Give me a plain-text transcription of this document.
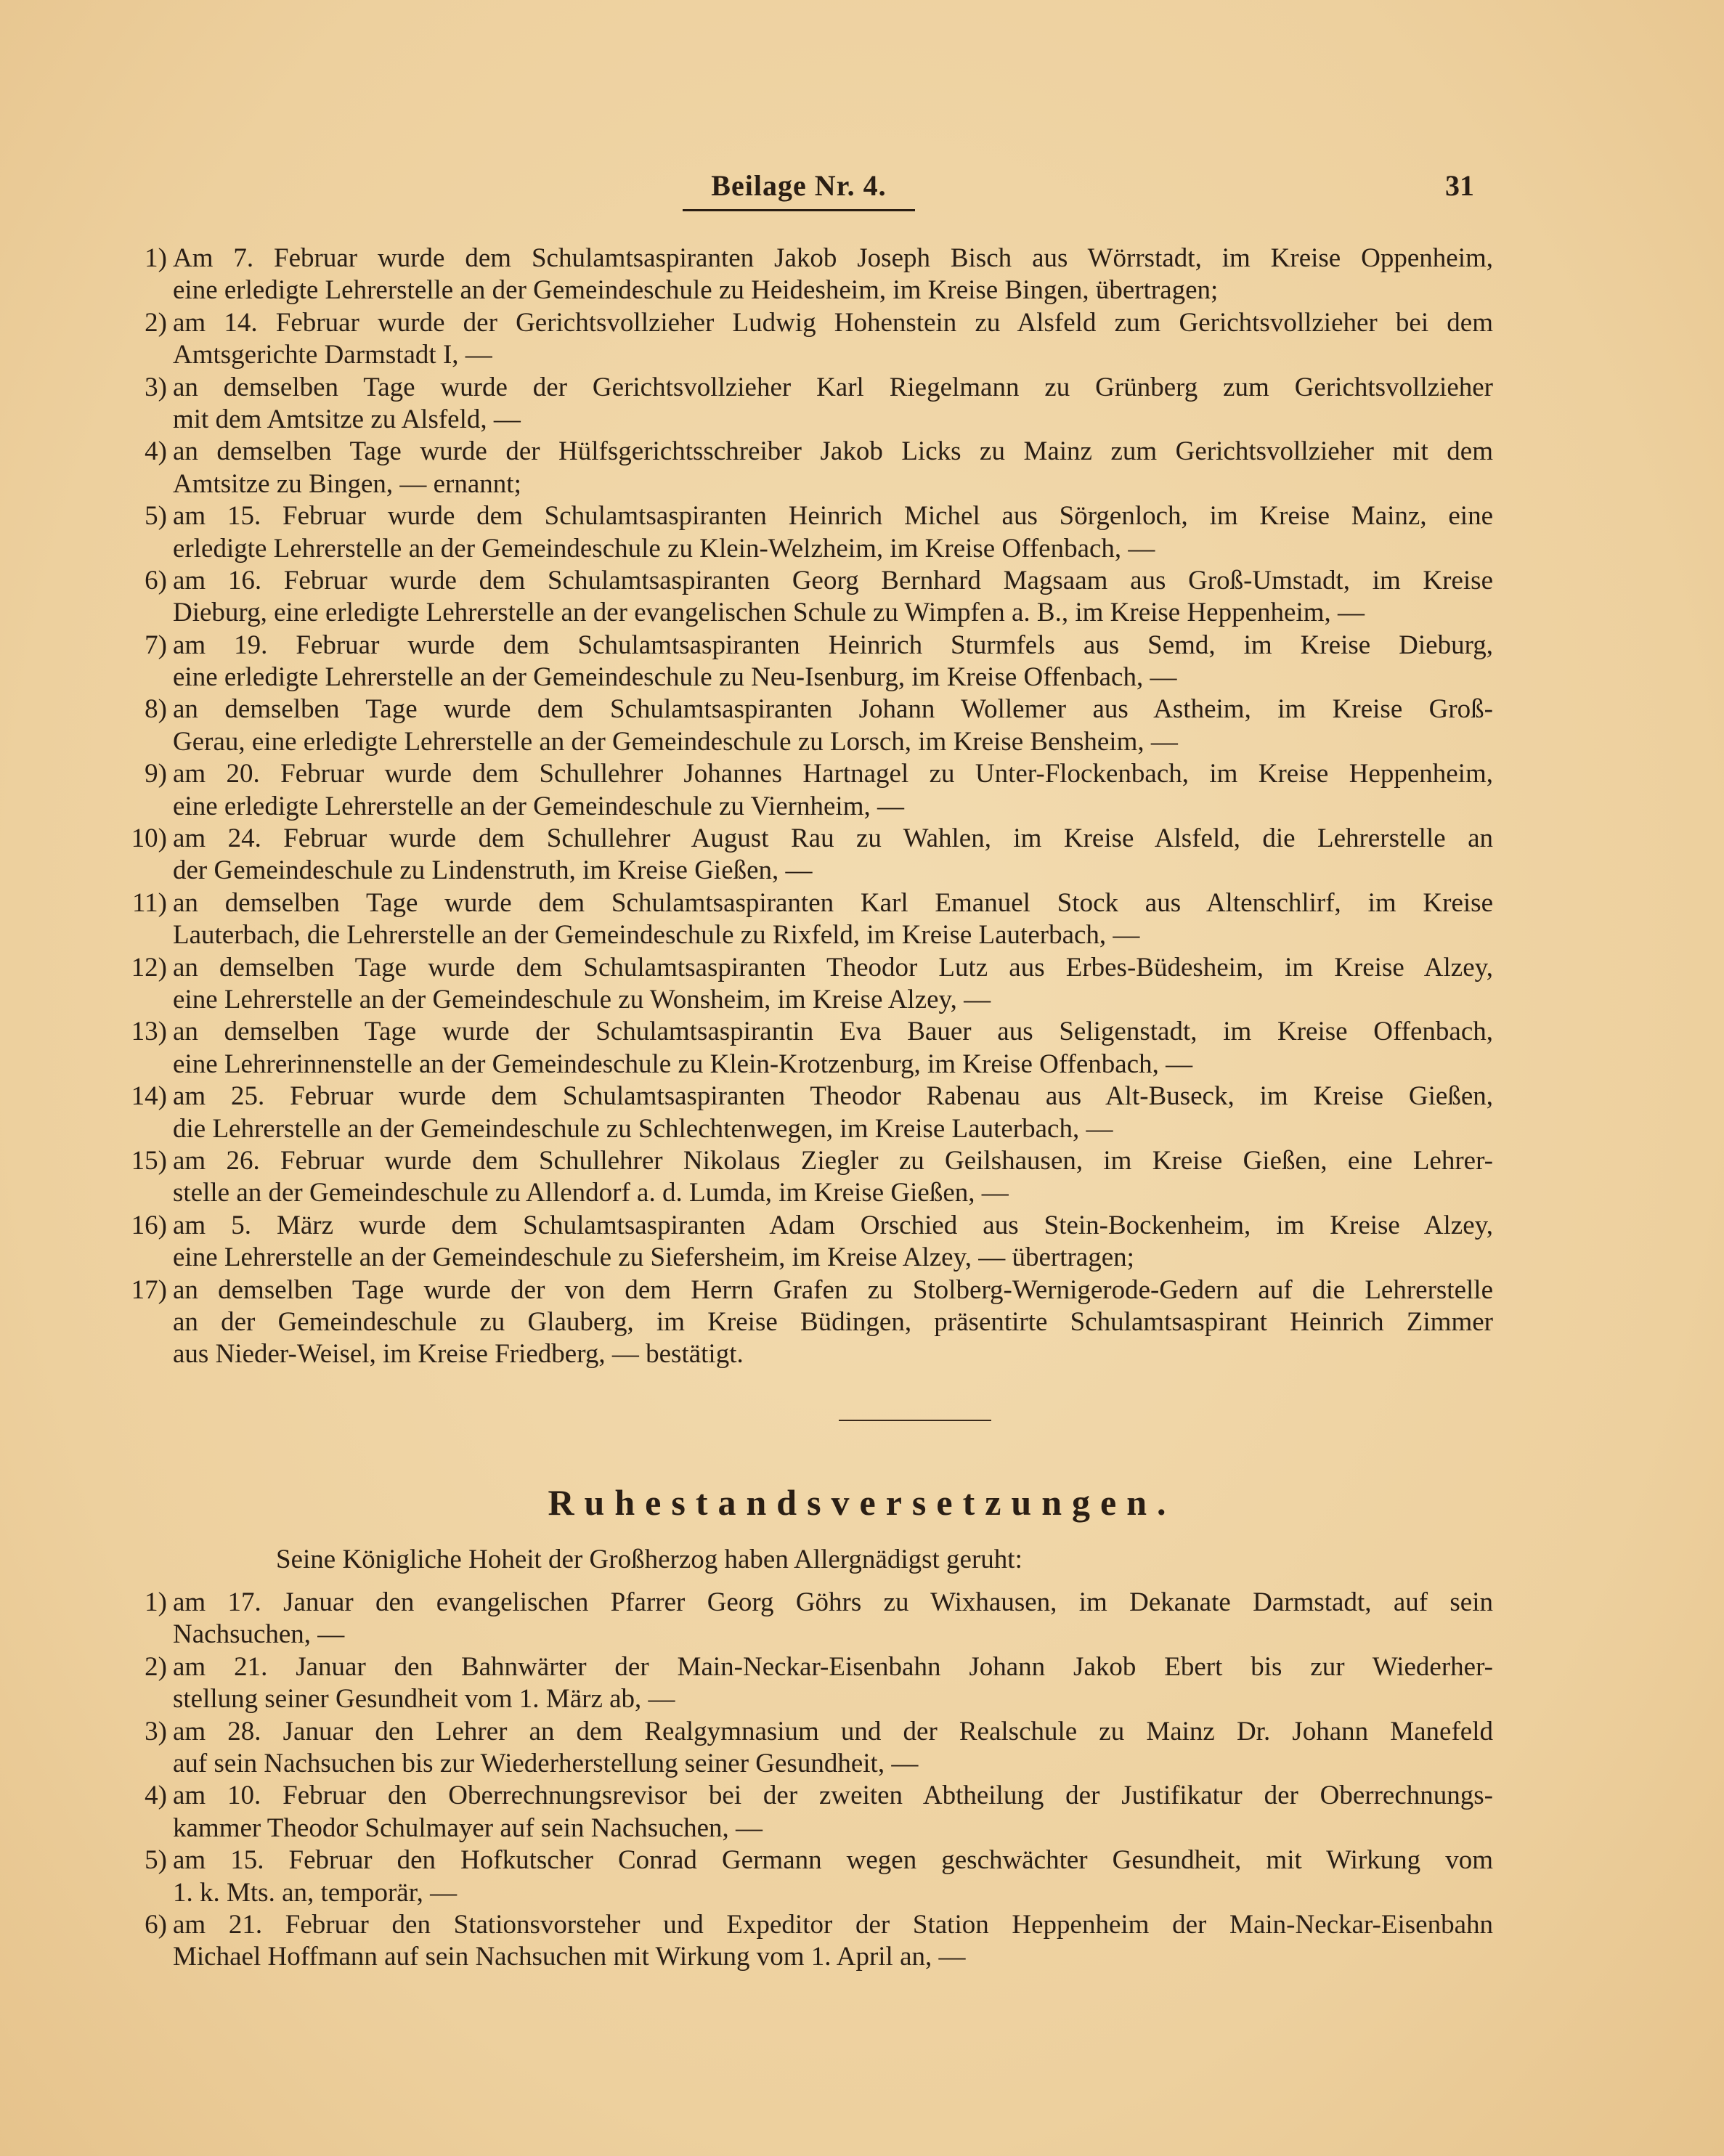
Beilage Nr. 4.	31
1) Am 7. Februar wurde dem Schulamtsaspiranten Jakob Joseph Bisch aus Wörrstadt, im Kreise Oppenheim,
eine erledigte Lehrerstelle an der Gemeindeschule zu Heidesheim, im Kreise Bingen, übertragen;
2) am 14. Februar wurde der Gerichtsvollzieher Ludwig Hohenstein zu Alsfeld zum Gerichtsvollzieher bei dem
Amtsgerichte Darmstadt I, —
3) an demselben Tage wurde der Gerichtsvollzieher Karl Riegelmann zu Grünberg zum Gerichtsvollzieher
mit dem Amtsitze zu Alsfeld, —
4) an demselben Tage wurde der Hülfsgerichtsschreiber Jakob Licks zu Mainz zum Gerichtsvollzieher mit dem
Amtsitze zu Bingen, — ernannt;
5) am 15. Februar wurde dem Schulamtsaspiranten Heinrich Michel aus Sörgenloch, im Kreise Mainz, eine
erledigte Lehrerstelle an der Gemeindeschule zu Klein-Welzheim, im Kreise Offenbach, —
6) am 16. Februar wurde dem Schulamtsaspiranten Georg Bernhard Magsaam aus Groß-Umstadt, im Kreise
Dieburg, eine erledigte Lehrerstelle an der evangelischen Schule zu Wimpfen a. B., im Kreise Heppenheim, —
7) am 19. Februar wurde dem Schulamtsaspiranten Heinrich Sturmfels aus Semd, im Kreise Dieburg,
eine erledigte Lehrerstelle an der Gemeindeschule zu Neu-Isenburg, im Kreise Offenbach, —
8) an demselben Tage wurde dem Schulamtsaspiranten Johann Wollemer aus Astheim, im Kreise Groß-
Gerau, eine erledigte Lehrerstelle an der Gemeindeschule zu Lorsch, im Kreise Bensheim, —
9) am 20. Februar wurde dem Schullehrer Johannes Hartnagel zu Unter-Flockenbach, im Kreise Heppenheim,
eine erledigte Lehrerstelle an der Gemeindeschule zu Viernheim, —
10) am 24. Februar wurde dem Schullehrer August Rau zu Wahlen, im Kreise Alsfeld, die Lehrerstelle an
der Gemeindeschule zu Lindenstruth, im Kreise Gießen, —
11) an demselben Tage wurde dem Schulamtsaspiranten Karl Emanuel Stock aus Altenschlirf, im Kreise
Lauterbach, die Lehrerstelle an der Gemeindeschule zu Rixfeld, im Kreise Lauterbach, —
12) an demselben Tage wurde dem Schulamtsaspiranten Theodor Lutz aus Erbes-Büdesheim, im Kreise Alzey,
eine Lehrerstelle an der Gemeindeschule zu Wonsheim, im Kreise Alzey, —
13) an demselben Tage wurde der Schulamtsaspirantin Eva Bauer aus Seligenstadt, im Kreise Offenbach,
eine Lehrerinnenstelle an der Gemeindeschule zu Klein-Krotzenburg, im Kreise Offenbach, —
14) am 25. Februar wurde dem Schulamtsaspiranten Theodor Rabenau aus Alt-Buseck, im Kreise Gießen,
die Lehrerstelle an der Gemeindeschule zu Schlechtenwegen, im Kreise Lauterbach, —
15) am 26. Februar wurde dem Schullehrer Nikolaus Ziegler zu Geilshausen, im Kreise Gießen, eine Lehrer-
stelle an der Gemeindeschule zu Allendorf a. d. Lumda, im Kreise Gießen, —
16) am 5. März wurde dem Schulamtsaspiranten Adam Orschied aus Stein-Bockenheim, im Kreise Alzey,
eine Lehrerstelle an der Gemeindeschule zu Siefersheim, im Kreise Alzey, — übertragen;
17) an demselben Tage wurde der von dem Herrn Grafen zu Stolberg-Wernigerode-Gedern auf die Lehrerstelle
an der Gemeindeschule zu Glauberg, im Kreise Büdingen, präsentirte Schulamtsaspirant Heinrich Zimmer
aus Nieder-Weisel, im Kreise Friedberg, — bestätigt.
Ruhestandsversetzungen.
Seine Königliche Hoheit der Großherzog haben Allergnädigst geruht:
1) am 17. Januar den evangelischen Pfarrer Georg Göhrs zu Wixhausen, im Dekanate Darmstadt, auf sein
Nachsuchen, —
2) am 21. Januar den Bahnwärter der Main-Neckar-Eisenbahn Johann Jakob Ebert bis zur Wiederher-
stellung seiner Gesundheit vom 1. März ab, —
3) am 28. Januar den Lehrer an dem Realgymnasium und der Realschule zu Mainz Dr. Johann Manefeld
auf sein Nachsuchen bis zur Wiederherstellung seiner Gesundheit, —
4) am 10. Februar den Oberrechnungsrevisor bei der zweiten Abtheilung der Justifikatur der Oberrechnungs-
kammer Theodor Schulmayer auf sein Nachsuchen, —
5) am 15. Februar den Hofkutscher Conrad Germann wegen geschwächter Gesundheit, mit Wirkung vom
1. k. Mts. an, temporär, —
6) am 21. Februar den Stationsvorsteher und Expeditor der Station Heppenheim der Main-Neckar-Eisenbahn
Michael Hoffmann auf sein Nachsuchen mit Wirkung vom 1. April an, —
